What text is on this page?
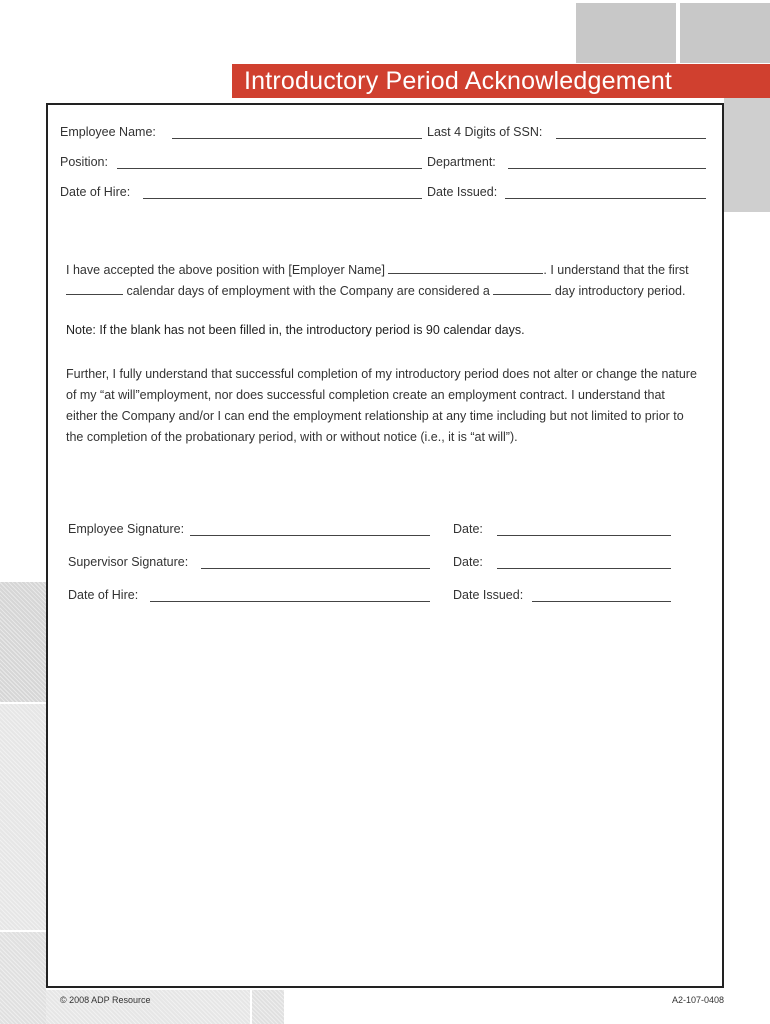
Introductory Period Acknowledgement
Employee Name:	Last 4 Digits of SSN:
Position:	Department:
Date of Hire:	Date Issued:
I have accepted the above position with [Employer Name]	. I understand that the first
calendar days of employment with the Company are considered a	day introductory period.
Note: If the blank has not been filled in, the introductory period is 90 calendar days.
Further, I fully understand that successful completion of my introductory period does not alter or change the nature
of my “at will”employment, nor does successful completion create an employment contract. I understand that
either the Company and/or I can end the employment relationship at any time including but not limited to prior to
the completion of the probationary period, with or without notice (i.e., it is “at will”).
Employee Signature:	Date:
Supervisor Signature:	Date:
Date of Hire:	Date Issued:
© 2008 ADP Resource	A2-107-0408
